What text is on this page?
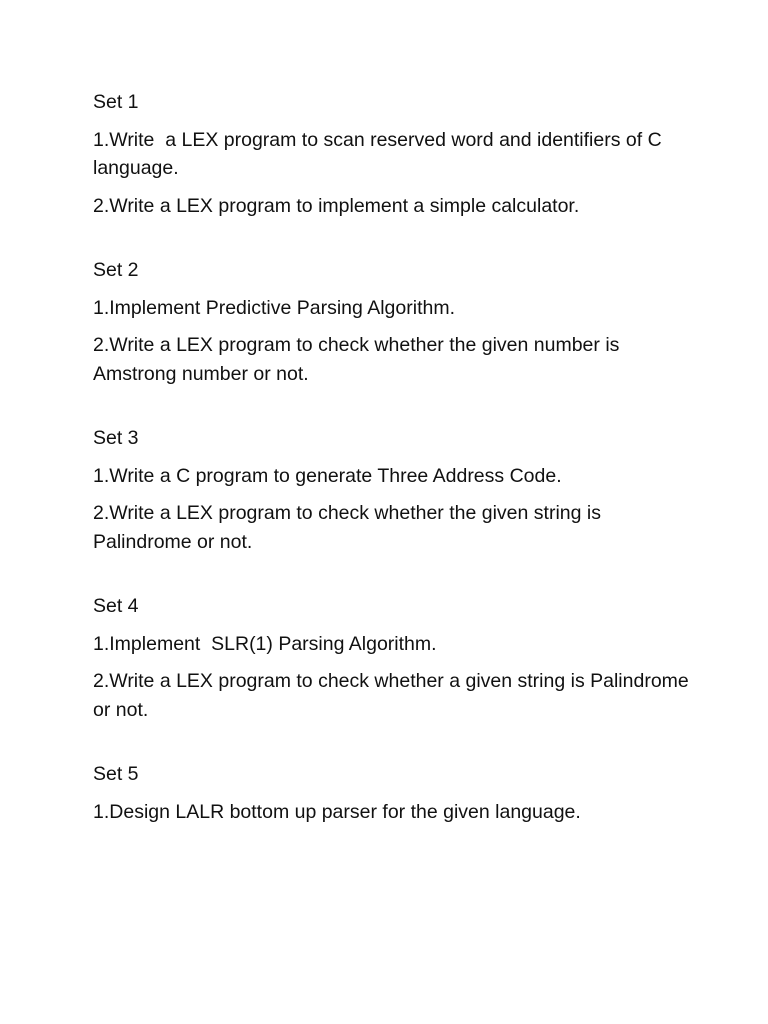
Set 1

1.Write  a LEX program to scan reserved word and identifiers of C language.

2.Write a LEX program to implement a simple calculator.

Set 2

1.Implement Predictive Parsing Algorithm.

2.Write a LEX program to check whether the given number is Amstrong number or not.

Set 3

1.Write a C program to generate Three Address Code.

2.Write a LEX program to check whether the given string is Palindrome or not.

Set 4

1.Implement  SLR(1) Parsing Algorithm.

2.Write a LEX program to check whether a given string is Palindrome or not.

Set 5

1.Design LALR bottom up parser for the given language.
